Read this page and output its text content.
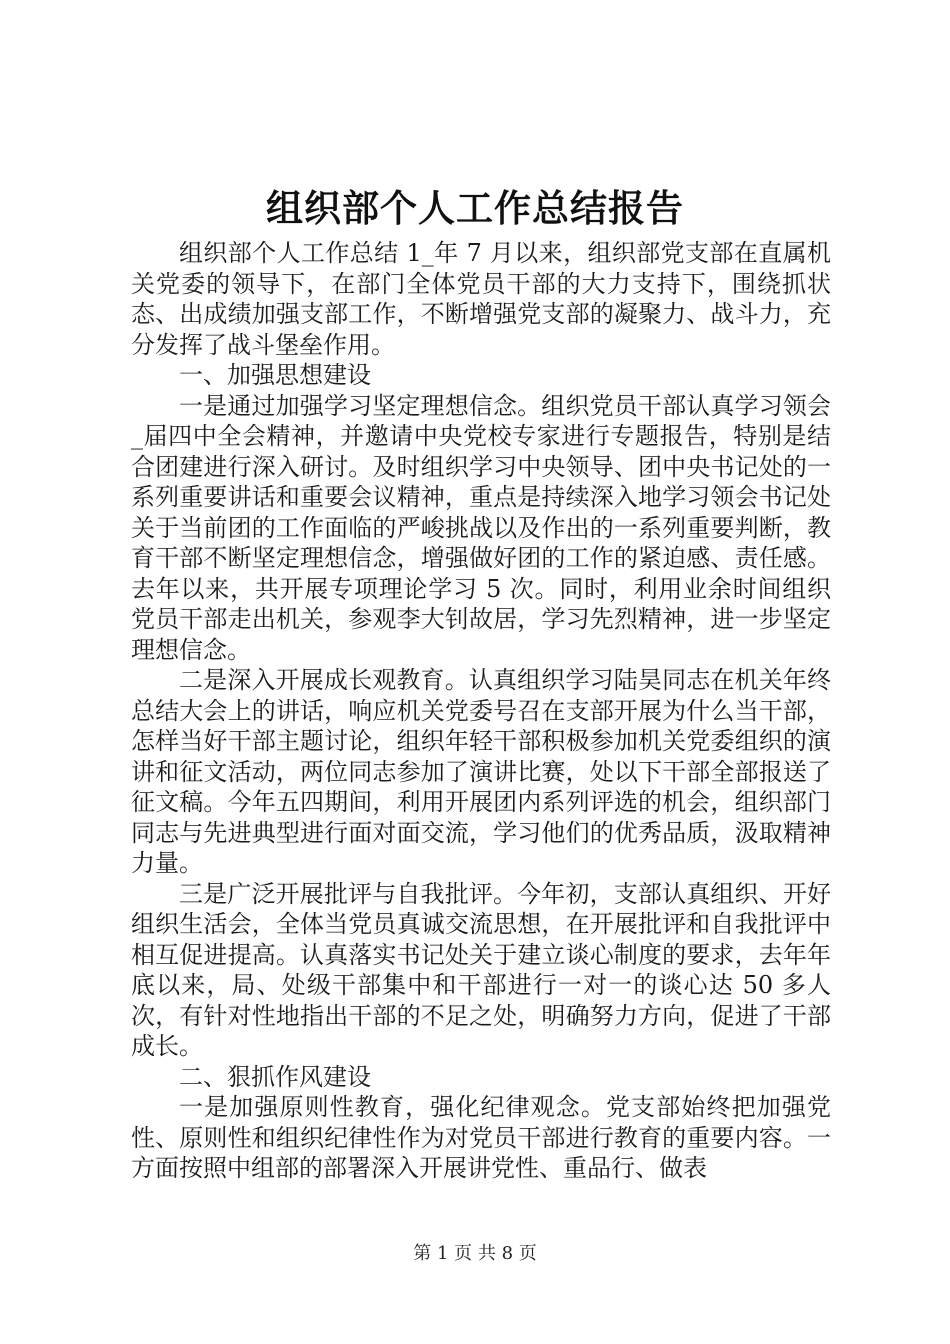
组织部个人工作总结报告

组织部个人工作总结 1_年 7 月以来，组织部党支部在直属机关党委的领导下，在部门全体党员干部的大力支持下，围绕抓状态、出成绩加强支部工作，不断增强党支部的凝聚力、战斗力，充分发挥了战斗堡垒作用。

一、加强思想建设

一是通过加强学习坚定理想信念。组织党员干部认真学习领会_届四中全会精神，并邀请中央党校专家进行专题报告，特别是结合团建进行深入研讨。及时组织学习中央领导、团中央书记处的一系列重要讲话和重要会议精神，重点是持续深入地学习领会书记处关于当前团的工作面临的严峻挑战以及作出的一系列重要判断，教育干部不断坚定理想信念，增强做好团的工作的紧迫感、责任感。去年以来，共开展专项理论学习 5 次。同时，利用业余时间组织党员干部走出机关，参观李大钊故居，学习先烈精神，进一步坚定理想信念。

二是深入开展成长观教育。认真组织学习陆昊同志在机关年终总结大会上的讲话，响应机关党委号召在支部开展为什么当干部，怎样当好干部主题讨论，组织年轻干部积极参加机关党委组织的演讲和征文活动，两位同志参加了演讲比赛，处以下干部全部报送了征文稿。今年五四期间，利用开展团内系列评选的机会，组织部门同志与先进典型进行面对面交流，学习他们的优秀品质，汲取精神力量。

三是广泛开展批评与自我批评。今年初，支部认真组织、开好组织生活会，全体当党员真诚交流思想，在开展批评和自我批评中相互促进提高。认真落实书记处关于建立谈心制度的要求，去年年底以来，局、处级干部集中和干部进行一对一的谈心达 50 多人次，有针对性地指出干部的不足之处，明确努力方向，促进了干部成长。

二、狠抓作风建设

一是加强原则性教育，强化纪律观念。党支部始终把加强党性、原则性和组织纪律性作为对党员干部进行教育的重要内容。一方面按照中组部的部署深入开展讲党性、重品行、做表

第 1 页 共 8 页
